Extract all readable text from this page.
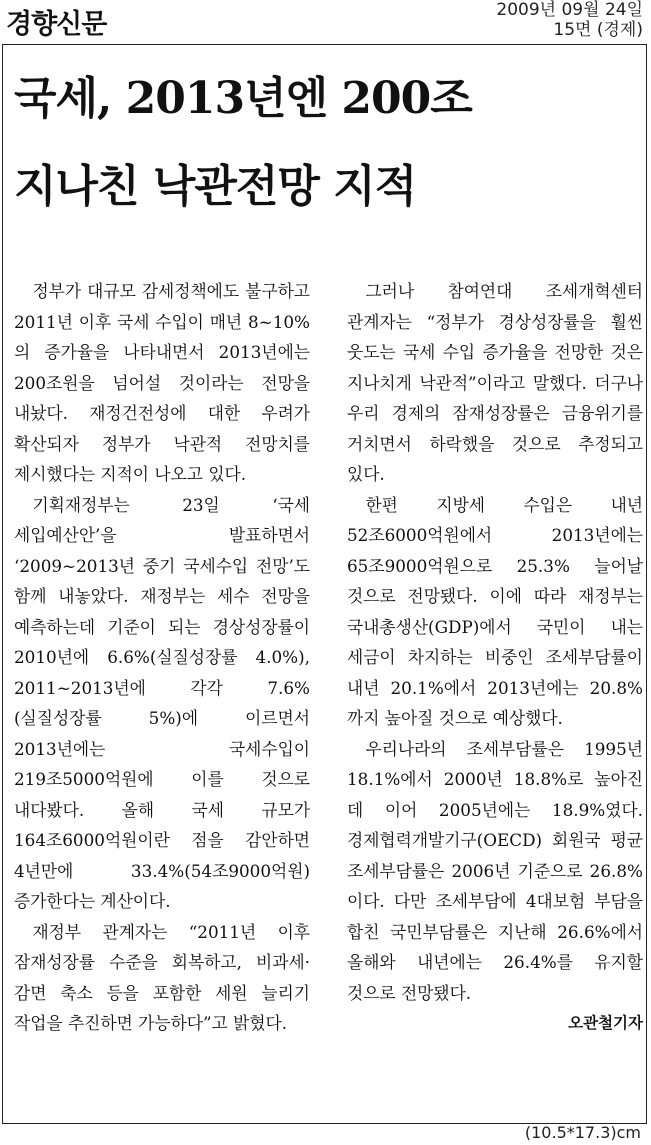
경향신문	2009년 09월 24일
15면 (경제)
국세, 2013년엔 200조
지나친 낙관전망 지적

정부가 대규모 감세정책에도 불구하고 2011년 이후 국세 수입이 매년 8~10%의 증가율을 나타내면서 2013년에는 200조원을 넘어설 것이라는 전망을 내놨다. 재정건전성에 대한 우려가 확산되자 정부가 낙관적 전망치를 제시했다는 지적이 나오고 있다.

기획재정부는 23일 ‘국세 세입예산안’을 발표하면서 ‘2009~2013년 중기 국세수입 전망’도 함께 내놓았다. 재정부는 세수 전망을 예측하는데 기준이 되는 경상성장률이 2010년에 6.6%(실질성장률 4.0%), 2011~2013년에 각각 7.6%(실질성장률 5%)에 이르면서 2013년에는 국세수입이 219조5000억원에 이를 것으로 내다봤다. 올해 국세 규모가 164조6000억원이란 점을 감안하면 4년만에 33.4%(54조9000억원) 증가한다는 계산이다.

재정부 관계자는 “2011년 이후 잠재성장률 수준을 회복하고, 비과세·감면 축소 등을 포함한 세원 늘리기 작업을 추진하면 가능하다”고 밝혔다.

그러나 참여연대 조세개혁센터 관계자는 “정부가 경상성장률을 훨씬 웃도는 국세 수입 증가율을 전망한 것은 지나치게 낙관적”이라고 말했다. 더구나 우리 경제의 잠재성장률은 금융위기를 거치면서 하락했을 것으로 추정되고 있다.

한편 지방세 수입은 내년 52조6000억원에서 2013년에는 65조9000억원으로 25.3% 늘어날 것으로 전망됐다. 이에 따라 재정부는 국내총생산(GDP)에서 국민이 내는 세금이 차지하는 비중인 조세부담률이 내년 20.1%에서 2013년에는 20.8%까지 높아질 것으로 예상했다.

우리나라의 조세부담률은 1995년 18.1%에서 2000년 18.8%로 높아진 데 이어 2005년에는 18.9%였다. 경제협력개발기구(OECD) 회원국 평균 조세부담률은 2006년 기준으로 26.8%이다. 다만 조세부담에 4대보험 부담을 합친 국민부담률은 지난해 26.6%에서 올해와 내년에는 26.4%를 유지할 것으로 전망됐다.

오관철기자

(10.5*17.3)cm
